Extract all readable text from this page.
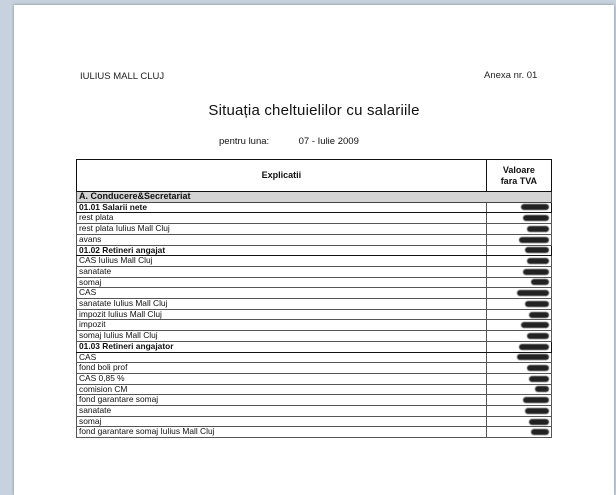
IULIUS MALL CLUJ	Anexa nr. 01
Situația cheltuielilor cu salariile
pentru luna:	07 - Iulie 2009
Explicatii	Valoare
fara TVA
A. Conducere&Secretariat	
01.01 Salarii nete	
rest plata	
rest plata Iulius Mall Cluj	
avans	
01.02 Retineri angajat	
CAS Iulius Mall Cluj	
sanatate	
somaj	
CAS	
sanatate Iulius Mall Cluj	
impozit Iulius Mall Cluj	
impozit	
somaj Iulius Mall Cluj	
01.03 Retineri angajator	
CAS	
fond boli prof	
CAS 0,85 %	
comision CM	
fond garantare somaj	
sanatate	
somaj	
fond garantare somaj Iulius Mall Cluj	
